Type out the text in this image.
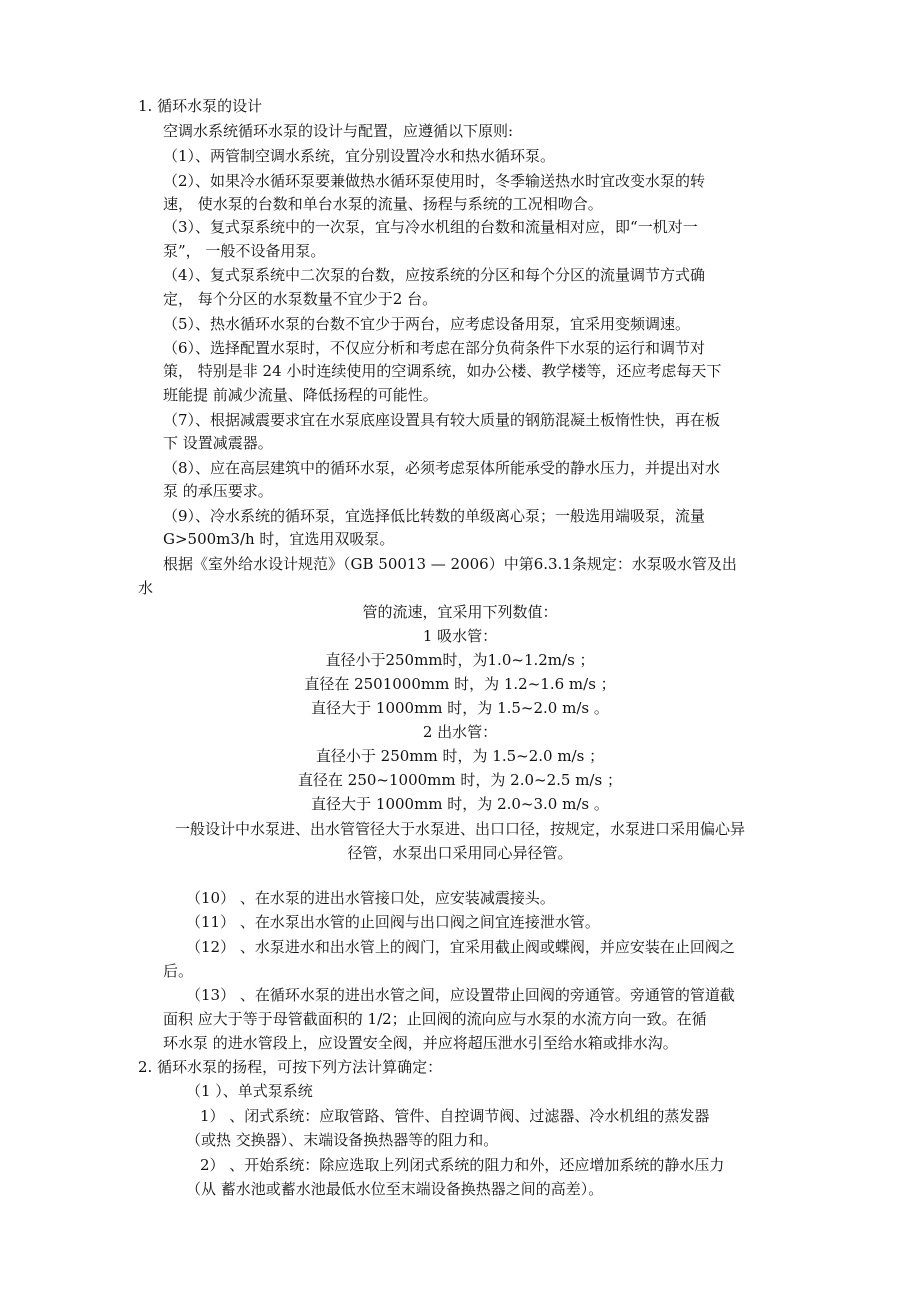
1. 循环水泵的设计
空调水系统循环水泵的设计与配置，应遵循以下原则:
（1）、两管制空调水系统，宜分别设置冷水和热水循环泵。
（2）、如果冷水循环泵要兼做热水循环泵使用时，冬季输送热水时宜改变水泵的转
速， 使水泵的台数和单台水泵的流量、扬程与系统的工况相吻合。
（3）、复式泵系统中的一次泵，宜与冷水机组的台数和流量相对应，即“一机对一
泵”， 一般不设备用泵。
（4）、复式泵系统中二次泵的台数，应按系统的分区和每个分区的流量调节方式确
定， 每个分区的水泵数量不宜少于2 台。
（5）、热水循环水泵的台数不宜少于两台，应考虑设备用泵，宜采用变频调速。
（6）、选择配置水泵时，不仅应分析和考虑在部分负荷条件下水泵的运行和调节对
策， 特别是非 24 小时连续使用的空调系统，如办公楼、教学楼等，还应考虑每天下
班能提 前减少流量、降低扬程的可能性。
（7）、根据减震要求宜在水泵底座设置具有较大质量的钢筋混凝土板惰性快，再在板
下 设置减震器。
（8）、应在高层建筑中的循环水泵，必须考虑泵体所能承受的静水压力，并提出对水
泵 的承压要求。
（9）、冷水系统的循环泵，宜选择低比转数的单级离心泵；一般选用端吸泵，流量
G>500m3/h 时，宜选用双吸泵。
根据《室外给水设计规范》（GB 50013 — 2006）中第6.3.1条规定：水泵吸水管及出
水
管的流速，宜采用下列数值：
1 吸水管：
直径小于250mm时，为1.0~1.2m/s ；
直径在 2501000mm 时，为 1.2~1.6 m/s ；
直径大于 1000mm 时，为 1.5~2.0 m/s 。
2 出水管：
直径小于 250mm 时，为 1.5~2.0 m/s ；
直径在 250~1000mm 时，为 2.0~2.5 m/s ；
直径大于 1000mm 时，为 2.0~3.0 m/s 。
一般设计中水泵进、出水管管径大于水泵进、出口口径，按规定，水泵进口采用偏心异
径管，水泵出口采用同心异径管。
（10） 、在水泵的进出水管接口处，应安装减震接头。
（11） 、在水泵出水管的止回阀与出口阀之间宜连接泄水管。
（12） 、水泵进水和出水管上的阀门，宜采用截止阀或蝶阀，并应安装在止回阀之
后。
（13） 、在循环水泵的进出水管之间，应设置带止回阀的旁通管。旁通管的管道截
面积 应大于等于母管截面积的 1/2；止回阀的流向应与水泵的水流方向一致。在循
环水泵 的进水管段上，应设置安全阀，并应将超压泄水引至给水箱或排水沟。
2. 循环水泵的扬程，可按下列方法计算确定：
（1 ）、单式泵系统
1） 、闭式系统：应取管路、管件、自控调节阀、过滤器、冷水机组的蒸发器
（或热 交换器）、末端设备换热器等的阻力和。
2） 、开始系统：除应选取上列闭式系统的阻力和外，还应增加系统的静水压力
（从 蓄水池或蓄水池最低水位至末端设备换热器之间的高差）。
